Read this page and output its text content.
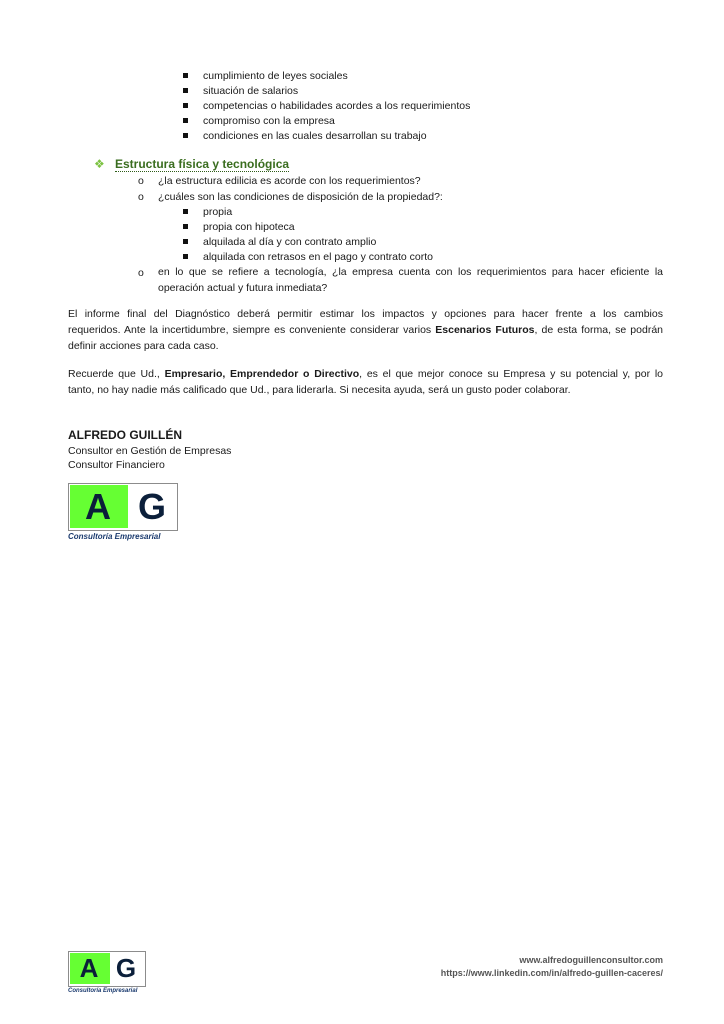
cumplimiento de leyes sociales
situación de salarios
competencias o habilidades acordes a los requerimientos
compromiso con la empresa
condiciones en las cuales desarrollan su trabajo
❖ Estructura física y tecnológica
o ¿la estructura edilicia es acorde con los requerimientos?
o ¿cuáles son las condiciones de disposición de la propiedad?:
propia
propia con hipoteca
alquilada al día y con contrato amplio
alquilada con retrasos en el pago y contrato corto
o en lo que se refiere a tecnología, ¿la empresa cuenta con los requerimientos para hacer eficiente la
operación actual y futura inmediata?
El informe final del Diagnóstico deberá permitir estimar los impactos y opciones para hacer frente a los cambios
requeridos. Ante la incertidumbre, siempre es conveniente considerar varios Escenarios Futuros, de esta forma, se podrán
definir acciones para cada caso.
Recuerde que Ud., Empresario, Emprendedor o Directivo, es el que mejor conoce su Empresa y su potencial y, por lo
tanto, no hay nadie más calificado que Ud., para liderarla. Si necesita ayuda, será un gusto poder colaborar.
ALFREDO GUILLÉN
Consultor en Gestión de Empresas
Consultor Financiero
A G
Consultoría Empresarial
A G
Consultoría Empresarial
www.alfredoguillenconsultor.com
https://www.linkedin.com/in/alfredo-guillen-caceres/
